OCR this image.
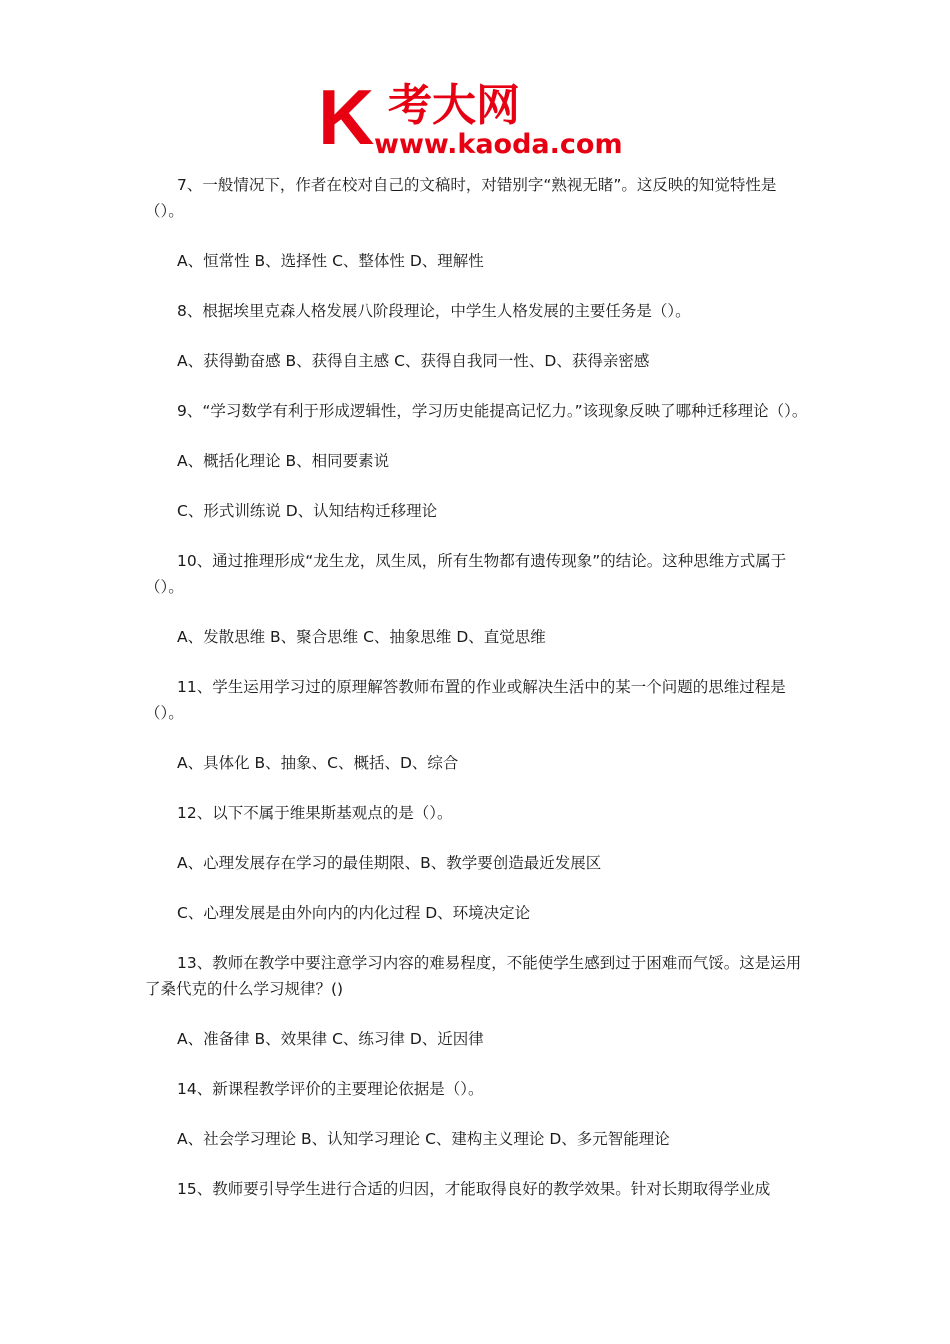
K 考大网
www.kaoda.com

7、一般情况下，作者在校对自己的文稿时，对错别字“熟视无睹”。这反映的知觉特性是（）。

A、恒常性 B、选择性 C、整体性 D、理解性

8、根据埃里克森人格发展八阶段理论，中学生人格发展的主要任务是（）。

A、获得勤奋感 B、获得自主感 C、获得自我同一性、D、获得亲密感

9、“学习数学有利于形成逻辑性，学习历史能提高记忆力。”该现象反映了哪种迁移理论（）。

A、概括化理论 B、相同要素说

C、形式训练说 D、认知结构迁移理论

10、通过推理形成“龙生龙，凤生凤，所有生物都有遗传现象”的结论。这种思维方式属于（）。

A、发散思维 B、聚合思维 C、抽象思维 D、直觉思维

11、学生运用学习过的原理解答教师布置的作业或解决生活中的某一个问题的思维过程是（）。

A、具体化 B、抽象、C、概括、D、综合

12、以下不属于维果斯基观点的是（）。

A、心理发展存在学习的最佳期限、B、教学要创造最近发展区

C、心理发展是由外向内的内化过程 D、环境决定论

13、教师在教学中要注意学习内容的难易程度，不能使学生感到过于困难而气馁。这是运用了桑代克的什么学习规律？()

A、准备律 B、效果律 C、练习律 D、近因律

14、新课程教学评价的主要理论依据是（）。

A、社会学习理论 B、认知学习理论 C、建构主义理论 D、多元智能理论

15、教师要引导学生进行合适的归因，才能取得良好的教学效果。针对长期取得学业成
